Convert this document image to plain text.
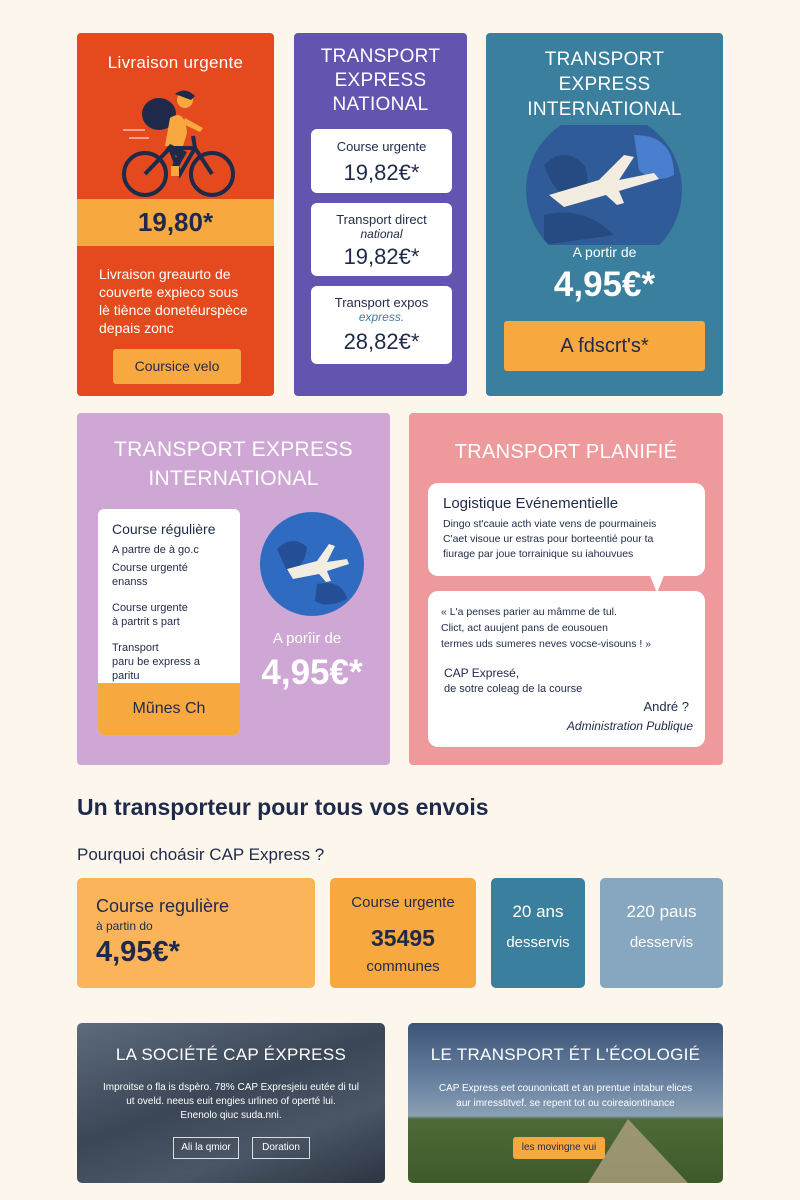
Livraison urgente
19,80*
Livraison greaurto de
couverte expieco sous
lè tiènce donetéurspèce
depais zonc
Coursice velo
TRANSPORT
EXPRESS
NATIONAL
Course urgente
19,82€*
Transport direct
national
19,82€*
Transport expos
express.
28,82€*
TRANSPORT
EXPRESS
INTERNATIONAL
A portir de
4,95€*
A fdscrt's*
TRANSPORT EXPRESS
INTERNATIONAL
Course régulière
A partre de à go.c
Course urgenté
enanss
Course urgente
à partrit s part
Transport
paru be express a
paritu
Mũnes Ch
A porîir de
4,95€*
TRANSPORT PLANIFIÉ
Logistique Evénementielle
Dingo st'cauie acth viate vens de pourmaineis
C'aet visoue ur estras pour borteentié pour ta
fiurage par joue torrainique su iahouvues
« L'a penses parier au mâmme de tul.
Clict, act auujent pans de eousouen
termes uds sumeres neves vocse-visouns ! »
CAP Expresé,
de sotre coleag de la course
André ?
Administration Publique
Un transporteur pour tous vos envois
Pourquoi choásir CAP Express ?
Course regulière
à partin do
4,95€*
Course urgente
35495
communes
20 ans
desservis
220 paus
desservis
LA SOCIÉTÉ CAP ÉXPRESS
Improitse o fla is dspèro. 78% CAP Expresjeiu eutée di tul
ut oveld. neeus euit engies urlineo of operté lui.
Enenolo qiuc suda.nni.
Ali la qmior	Doration
LE TRANSPORT ÉT L'ÉCOLOGIÉ
CAP Express eet counonicatt et an prentue intabur elices
aur imresstitvef. se repent tot ou coireaiontinance
les movingne vui
